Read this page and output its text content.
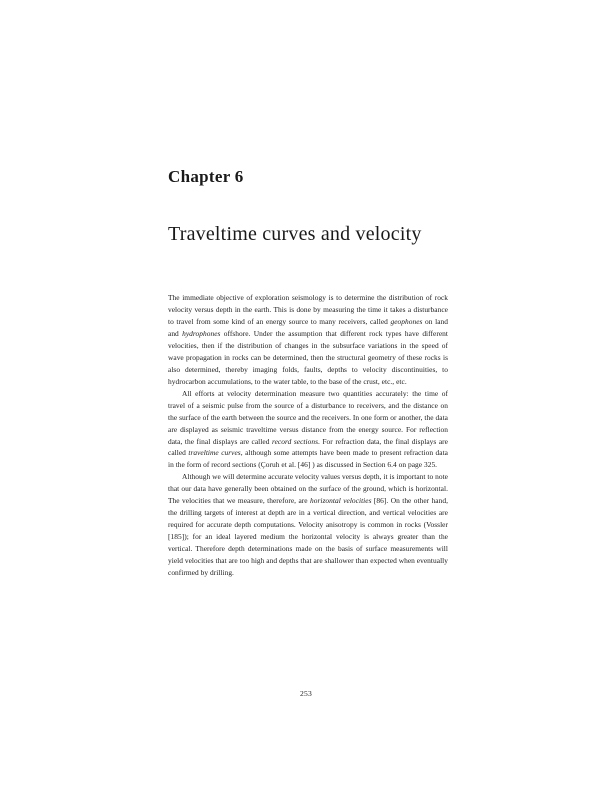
Chapter 6
Traveltime curves and velocity

The immediate objective of exploration seismology is to determine the distribution of rock velocity versus depth in the earth. This is done by measuring the time it takes a disturbance to travel from some kind of an energy source to many receivers, called geophones on land and hydrophones offshore. Under the assumption that different rock types have different velocities, then if the distribution of changes in the subsurface variations in the speed of wave propagation in rocks can be determined, then the structural geometry of these rocks is also determined, thereby imaging folds, faults, depths to velocity discontinuities, to hydrocarbon accumulations, to the water table, to the base of the crust, etc., etc.

All efforts at velocity determination measure two quantities accurately: the time of travel of a seismic pulse from the source of a disturbance to receivers, and the distance on the surface of the earth between the source and the receivers. In one form or another, the data are displayed as seismic traveltime versus distance from the energy source. For reflection data, the final displays are called record sections. For refraction data, the final displays are called traveltime curves, although some attempts have been made to present refraction data in the form of record sections (Çoruh et al. [46] ) as discussed in Section 6.4 on page 325.

Although we will determine accurate velocity values versus depth, it is important to note that our data have generally been obtained on the surface of the ground, which is horizontal. The velocities that we measure, therefore, are horizontal velocities [86]. On the other hand, the drilling targets of interest at depth are in a vertical direction, and vertical velocities are required for accurate depth computations. Velocity anisotropy is common in rocks (Vossler [185]); for an ideal layered medium the horizontal velocity is always greater than the vertical. Therefore depth determinations made on the basis of surface measurements will yield velocities that are too high and depths that are shallower than expected when eventually confirmed by drilling.

253
